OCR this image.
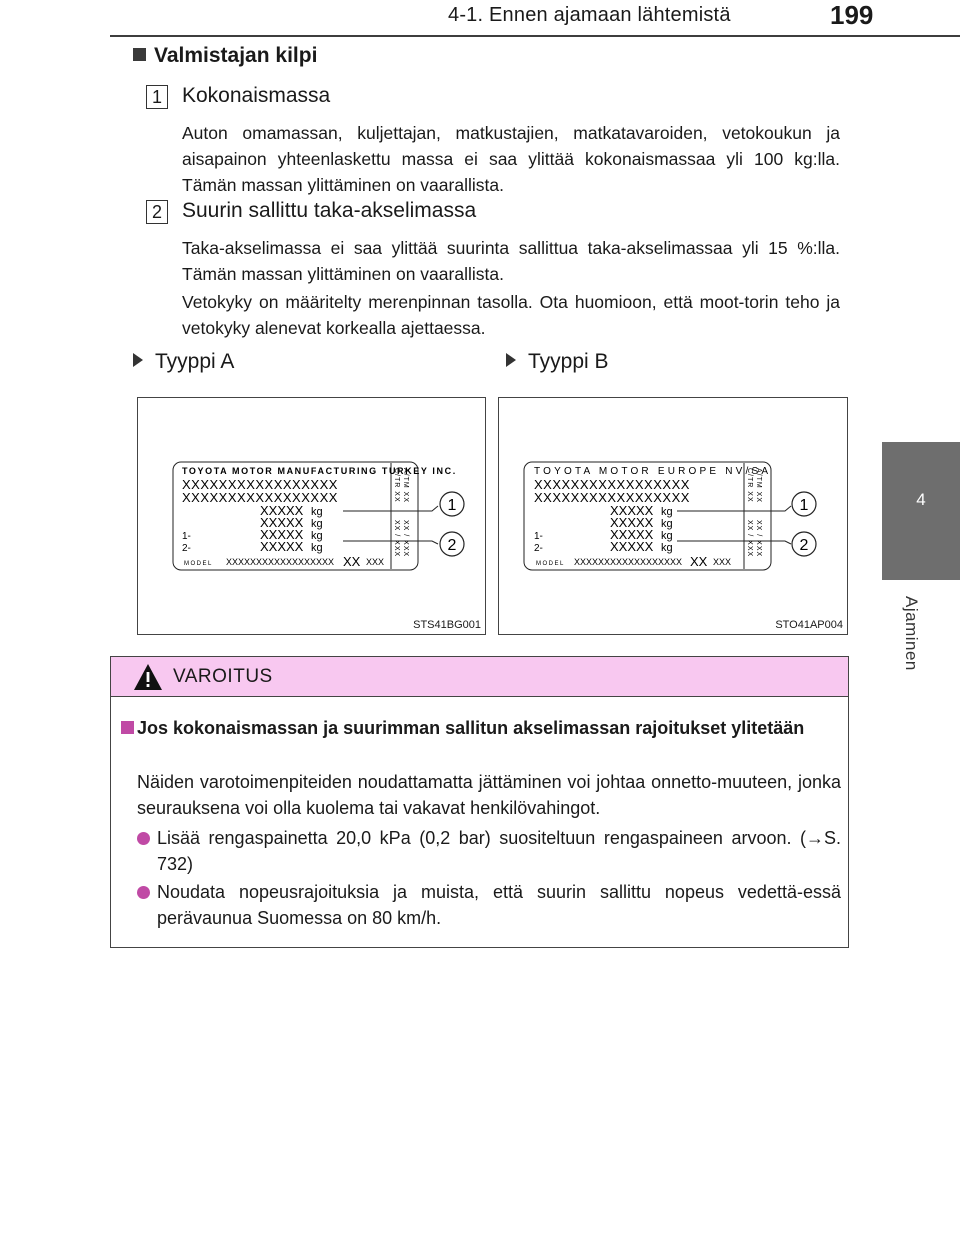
4-1. Ennen ajamaan lähtemistä	199
4
Ajaminen
Valmistajan kilpi
1 Kokonaismassa
Auton omamassan, kuljettajan, matkustajien, matkatavaroiden, vetokoukun ja aisapainon yhteenlaskettu massa ei saa ylittää kokonaismassaa yli 100 kg:lla. Tämän massan ylittäminen on vaarallista.
2 Suurin sallittu taka-akselimassa
Taka-akselimassa ei saa ylittää suurinta sallittua taka-akselimassaa yli 15 %:lla. Tämän massan ylittäminen on vaarallista.
Vetokyky on määritelty merenpinnan tasolla. Ota huomioon, että moot-torin teho ja vetokyky alenevat korkealla ajettaessa.
Tyyppi A	Tyyppi B
TOYOTA MOTOR MANUFACTURING TURKEY INC.
XXXXXXXXXXXXXXXXX
XXXXXXXXXXXXXXXXX
XXXXX kg
XXXXX kg
1-	XXXXX kg
2-	XXXXX kg
MODEL XXXXXXXXXXXXXXXXXX XX XXX
C/TR XX A/TM XX
XX / XXX XX / XXX
1
2
STS41BG001
TOYOTA MOTOR EUROPE NV/SA
XXXXXXXXXXXXXXXXX
XXXXXXXXXXXXXXXXX
XXXXX kg
XXXXX kg
1-	XXXXX kg
2-	XXXXX kg
MODEL XXXXXXXXXXXXXXXXXX XX XXX
C/TR XX A/TM XX
XX / XXX XX / XXX
1
2
STO41AP004
VAROITUS
Jos kokonaismassan ja suurimman sallitun akselimassan rajoitukset ylitetään
Näiden varotoimenpiteiden noudattamatta jättäminen voi johtaa onnetto-muuteen, jonka seurauksena voi olla kuolema tai vakavat henkilövahingot.
Lisää rengaspainetta 20,0 kPa (0,2 bar) suositeltuun rengaspaineen arvoon. (→S. 732)
Noudata nopeusrajoituksia ja muista, että suurin sallittu nopeus vedettä-essä perävaunua Suomessa on 80 km/h.
